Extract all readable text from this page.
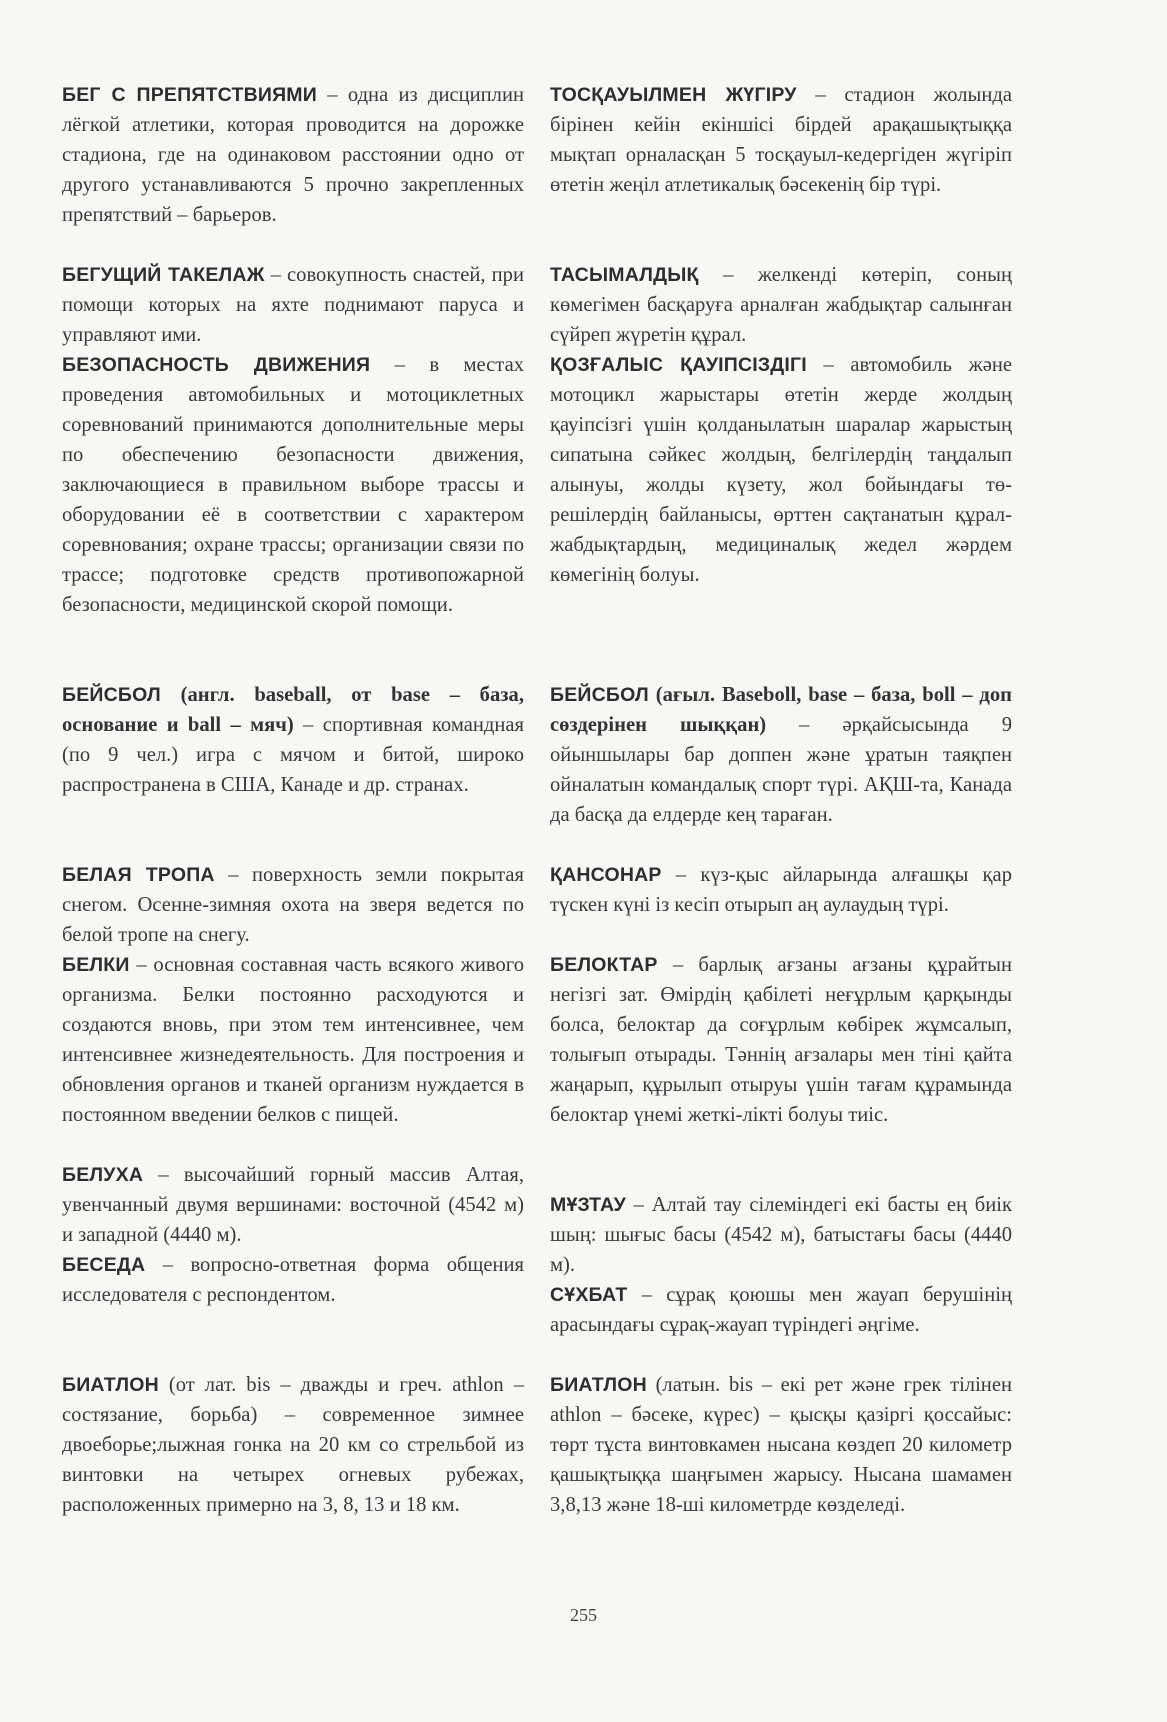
БЕГ С ПРЕПЯТСТВИЯМИ – одна из дисциплин лёгкой атлетики, которая проводится на дорожке стадиона, где на одинаковом расстоянии одно от другого устанавливаются 5 прочно закрепленных препятствий – барьеров.

БЕГУЩИЙ ТАКЕЛАЖ – совокупность снастей, при помощи которых на яхте поднимают паруса и управляют ими.

БЕЗОПАСНОСТЬ ДВИЖЕНИЯ – в местах проведения автомобильных и мотоциклетных соревнований принимаются дополнительные меры по обеспечению безопасности движения, заключающиеся в правильном выборе трассы и оборудовании её в соответствии с характером соревнования; охране трассы; организации связи по трассе; подготовке средств противопожарной безопасности, медицинской скорой помощи.

БЕЙСБОЛ (англ. baseball, от base – база, основание и ball – мяч) – спортивная командная (по 9 чел.) игра с мячом и битой, широко распространена в США, Канаде и др. странах.

БЕЛАЯ ТРОПА – поверхность земли покрытая снегом. Осенне-зимняя охота на зверя ведется по белой тропе на снегу.

БЕЛКИ – основная составная часть всякого живого организма. Белки постоянно расходуются и создаются вновь, при этом тем интенсивнее, чем интенсивнее жизнедеятельность. Для построения и обновления органов и тканей организм нуждается в постоянном введении белков с пищей.

БЕЛУХА – высочайший горный массив Алтая, увенчанный двумя вершинами: восточной (4542 м) и западной (4440 м).

БЕСЕДА – вопросно-ответная форма общения исследователя с респондентом.

БИАТЛОН (от лат. bis – дважды и греч. athlon – состязание, борьба) – современное зимнее двоеборье;лыжная гонка на 20 км со стрельбой из винтовки на четырех огневых рубежах, расположенных примерно на 3, 8, 13 и 18 км.

ТОСҚАУЫЛМЕН ЖҮГІРУ – стадион жолында бірінен кейін екіншісі бірдей арақашықтыққа мықтап орналасқан 5 тосқауыл-кедергіден жүгіріп өтетін жеңіл атлетикалық бәсекенің бір түрі.

ТАСЫМАЛДЫҚ – желкенді көтеріп, соның көмегімен басқаруға арналған жабдықтар салынған сүйреп жүретін құрал.

ҚОЗҒАЛЫС ҚАУІПСІЗДІГІ – автомобиль және мотоцикл жарыстары өтетін жерде жолдың қауіпсізгі үшін қолданылатын шаралар жарыстың сипатына сәйкес жолдың, белгілердің таңдалып алынуы, жолды күзету, жол бойындағы тө-решілердің байланысы, өрттен сақтанатын құрал-жабдықтардың, медициналық жедел жәрдем көмегінің болуы.

БЕЙСБОЛ (ағыл. Baseboll, base – база, boll – доп сөздерінен шыққан) – әрқайсысында 9 ойыншылары бар доппен және ұратын таяқпен ойналатын командалық спорт түрі. АҚШ-та, Канада да басқа да елдерде кең тараған.

ҚАНСОНАР – күз-қыс айларында алғашқы қар түскен күні із кесіп отырып аң аулаудың түрі.

БЕЛОКТАР – барлық ағзаны ағзаны құрайтын негізгі зат. Өмірдің қабілеті неғұрлым қарқынды болса, белоктар да соғұрлым көбірек жұмсалып, толығып отырады. Тәннің ағзалары мен тіні қайта жаңарып, құрылып отыруы үшін тағам құрамында белоктар үнемі жеткі-лікті болуы тиіс.

МҰЗТАУ – Алтай тау сілеміндегі екі басты ең биік шың: шығыс басы (4542 м), батыстағы басы (4440 м).

СҰХБАТ – сұрақ қоюшы мен жауап берушінің арасындағы сұрақ-жауап түріндегі әңгіме.

БИАТЛОН (латын. bis – екі рет және грек тілінен athlon – бәсеке, күрес) – қысқы қазіргі қоссайыс: төрт тұста винтовкамен нысана көздеп 20 километр қашықтыққа шаңғымен жарысу. Нысана шамамен 3,8,13 және 18-ші километрде көзделеді.

255
